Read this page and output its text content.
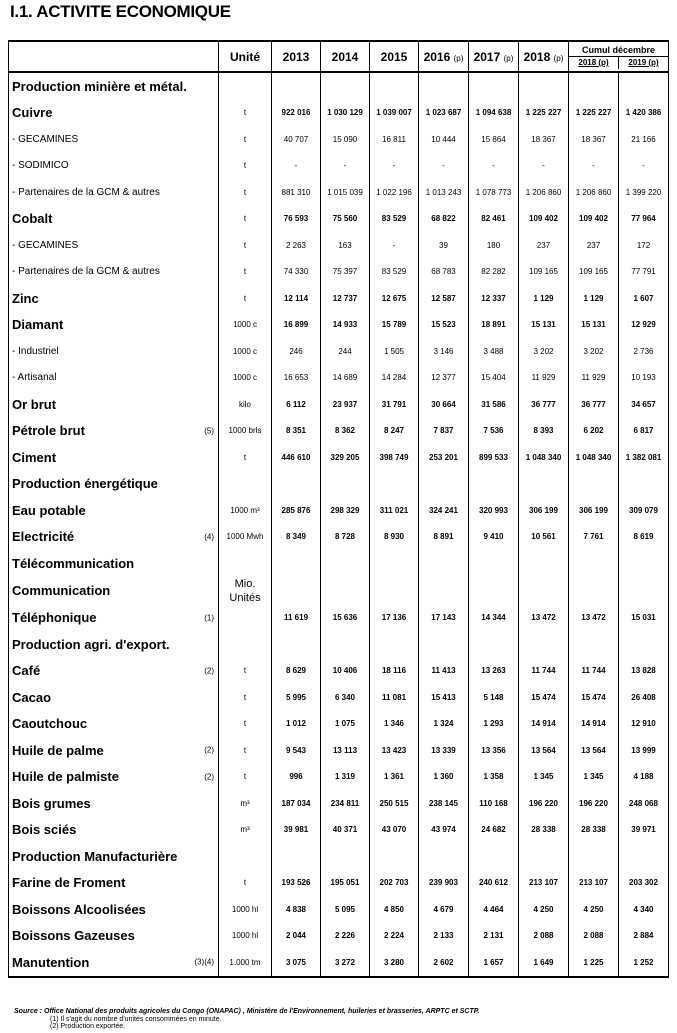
I.1. ACTIVITE ECONOMIQUE
	Unité	2013	2014	2015	2016 (p)	2017 (p)	2018 (p)	Cumul décembre
2018 (p) 2019 (p)	

Production minière et métal.									
Cuivre	t	922 016	1 030 129	1 039 007	1 023 687	1 094 638	1 225 227	1 225 227	1 420 386
- GECAMINES	t	40 707	15 090	16 811	10 444	15 864	18 367	18 367	21 166
- SODIMICO	t	-	-	-	-	-	-	-	-
- Partenaires de la GCM & autres	t	881 310	1 015 039	1 022 196	1 013 243	1 078 773	1 206 860	1 206 860	1 399 220
Cobalt	t	76 593	75 560	83 529	68 822	82 461	109 402	109 402	77 964
- GECAMINES	t	2 263	163	-	39	180	237	237	172
- Partenaires de la GCM & autres	t	74 330	75 397	83 529	68 783	82 282	109 165	109 165	77 791
Zinc	t	12 114	12 737	12 675	12 587	12 337	1 129	1 129	1 607
Diamant	1000 c	16 899	14 933	15 789	15 523	18 891	15 131	15 131	12 929
- Industriel	1000 c	246	244	1 505	3 146	3 488	3 202	3 202	2 736
- Artisanal	1000 c	16 653	14 689	14 284	12 377	15 404	11 929	11 929	10 193
Or brut	kilo	6 112	23 937	31 791	30 664	31 586	36 777	36 777	34 657
Pétrole brut (5)	1000 brls	8 351	8 362	8 247	7 837	7 536	8 393	6 202	6 817
Ciment	t	446 610	329 205	398 749	253 201	899 533	1 048 340	1 048 340	1 382 081
Production énergétique									
Eau potable	1000 m³	285 876	298 329	311 021	324 241	320 993	306 199	306 199	309 079
Electricité (4)	1000 Mwh	8 349	8 728	8 930	8 891	9 410	10 561	7 761	8 619
Télécommunication									
Communication	Mio. Unités								
Téléphonique (1)		11 619	15 636	17 136	17 143	14 344	13 472	13 472	15 031
Production agri. d'export.									
Café (2)	t	8 629	10 406	18 116	11 413	13 263	11 744	11 744	13 828
Cacao	t	5 995	6 340	11 081	15 413	5 148	15 474	15 474	26 408
Caoutchouc	t	1 012	1 075	1 346	1 324	1 293	14 914	14 914	12 910
Huile de palme (2)	t	9 543	13 113	13 423	13 339	13 356	13 564	13 564	13 999
Huile de palmiste (2)	t	996	1 319	1 361	1 360	1 358	1 345	1 345	4 188
Bois grumes	m³	187 034	234 811	250 515	238 145	110 168	196 220	196 220	248 068
Bois sciés	m³	39 981	40 371	43 070	43 974	24 682	28 338	28 338	39 971
Production Manufacturière									
Farine de Froment	t	193 526	195 051	202 703	239 903	240 612	213 107	213 107	203 302
Boissons Alcoolisées	1000 hl	4 838	5 095	4 850	4 679	4 464	4 250	4 250	4 340
Boissons Gazeuses	1000 hl	2 044	2 226	2 224	2 133	2 131	2 088	2 088	2 884
Manutention (3)(4)	1.000 tm	3 075	3 272	3 280	2 602	1 657	1 649	1 225	1 252
Source : Office National des produits agricoles du Congo (ONAPAC) , Ministère de l'Environnement, huileries et brasseries, ARPTC et SCTP.
(1) Il s'agit du nombre d'unités consommées en minute.
(2) Production exportée.
